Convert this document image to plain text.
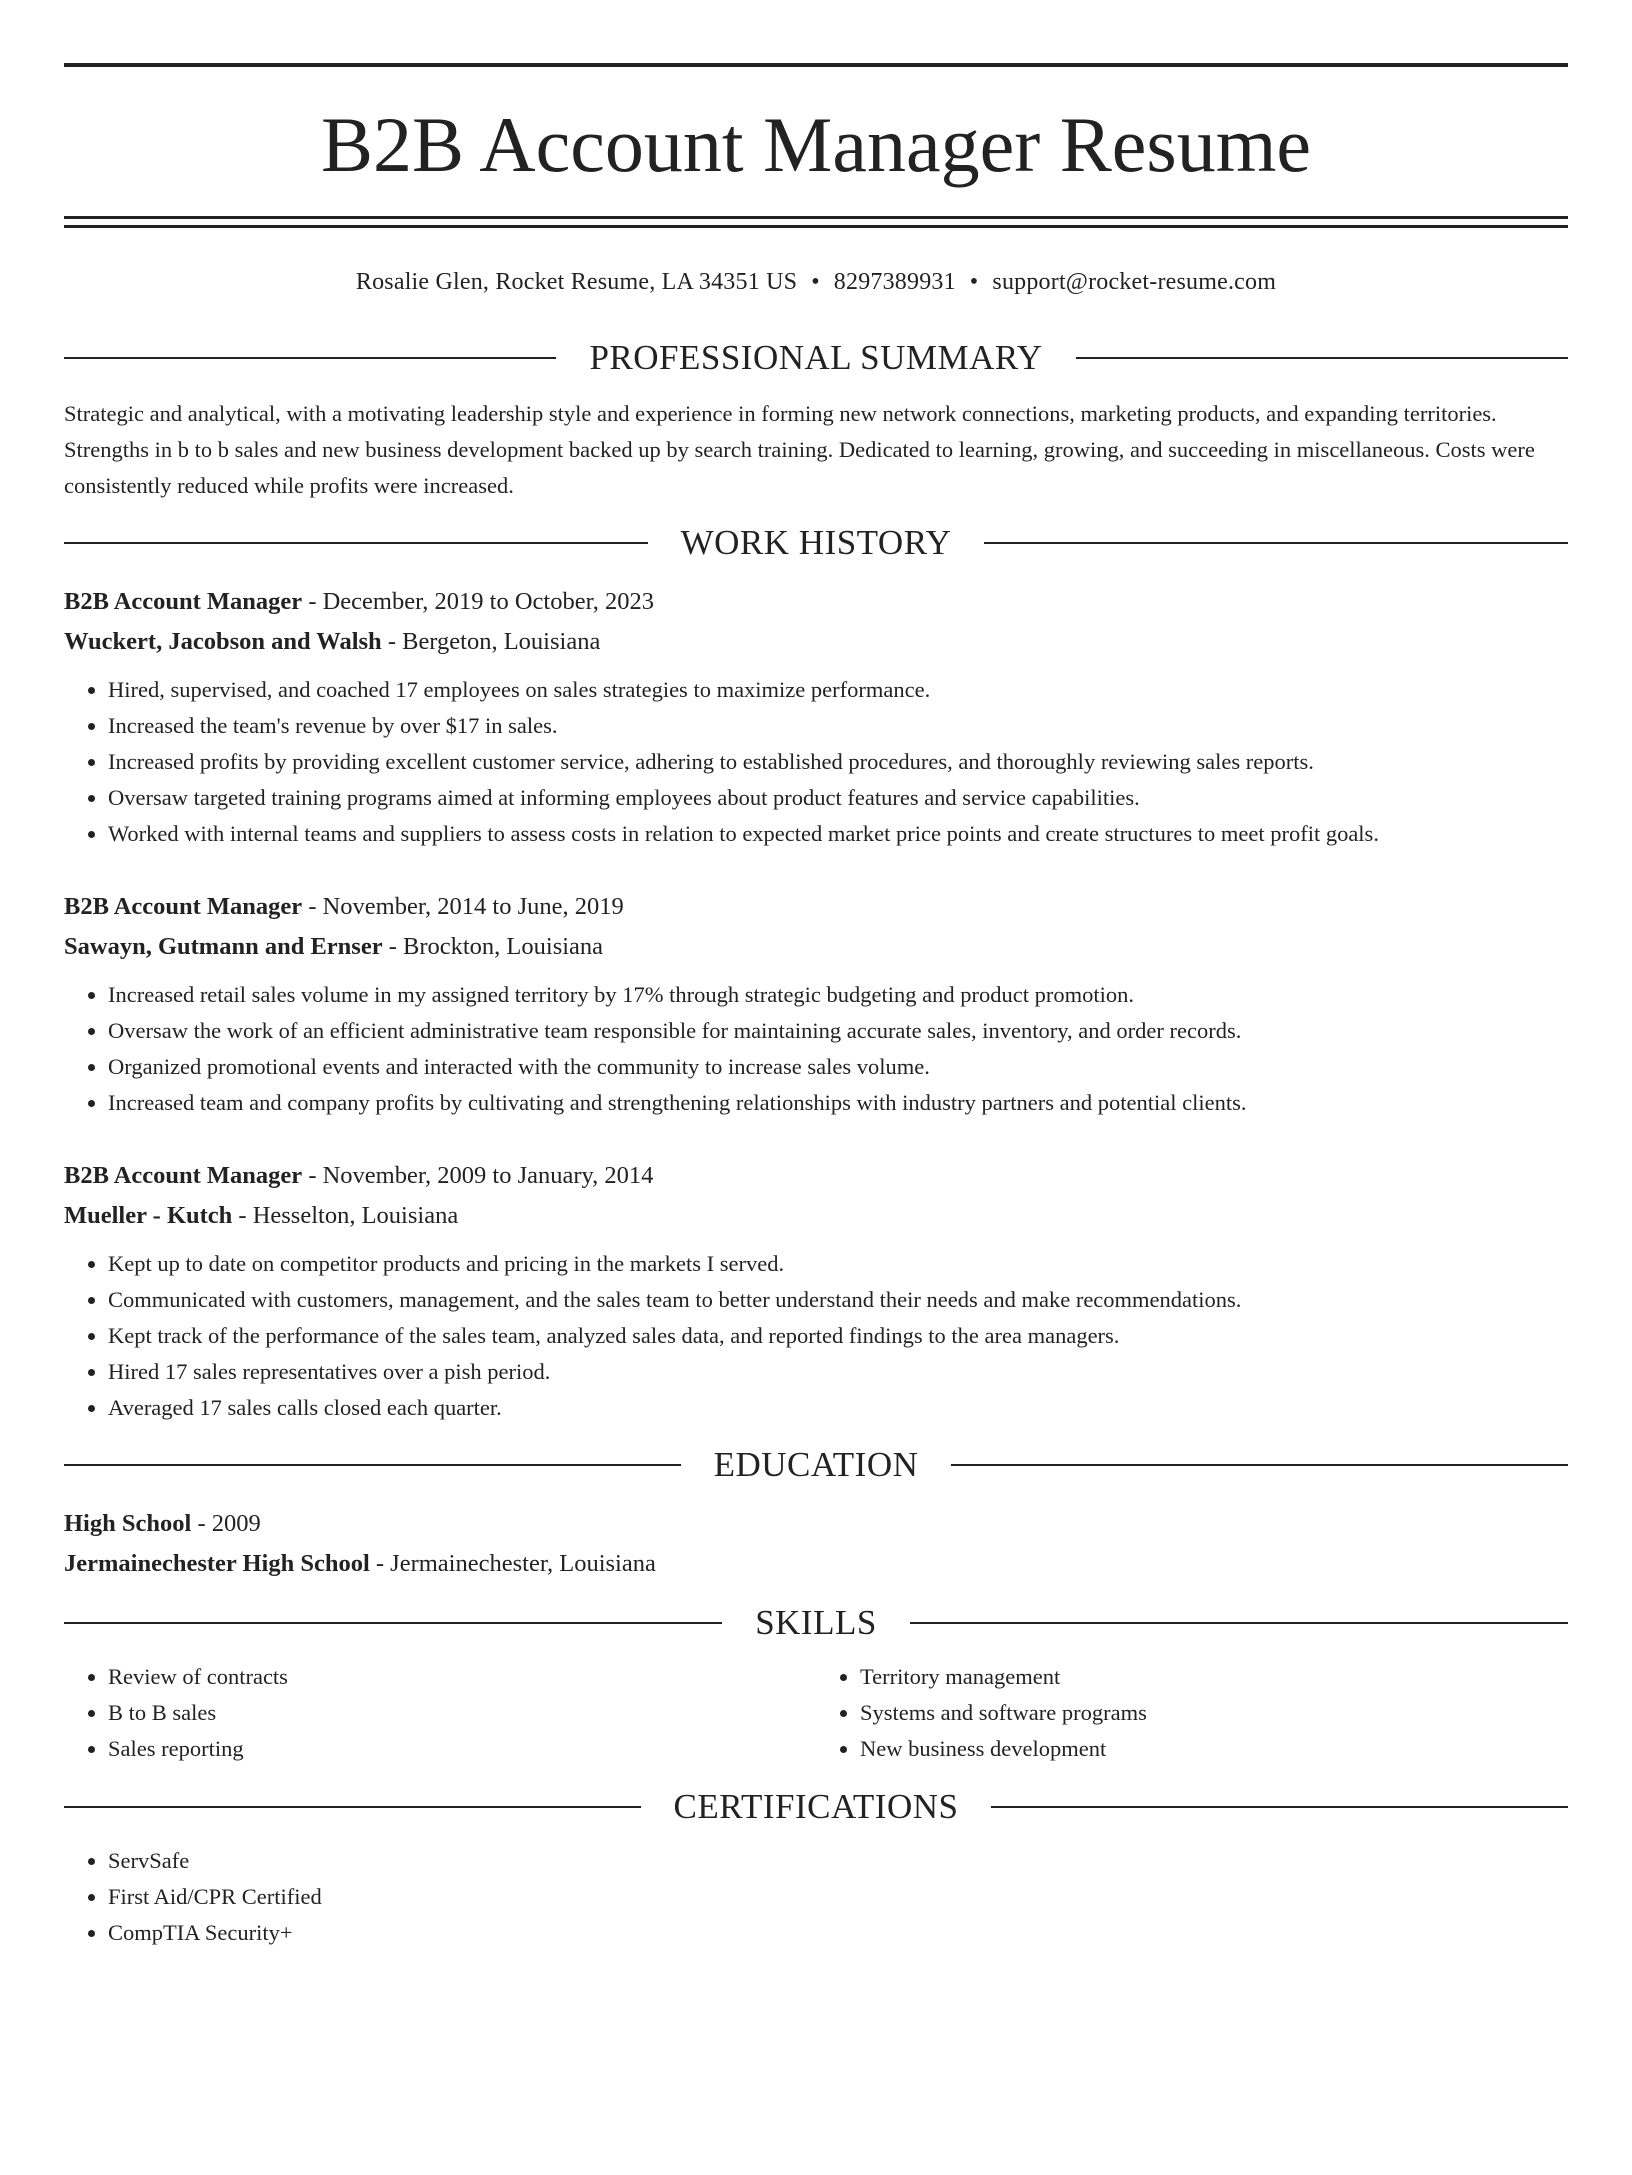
B2B Account Manager Resume
Rosalie Glen, Rocket Resume, LA 34351 US • 8297389931 • support@rocket-resume.com
PROFESSIONAL SUMMARY

Strategic and analytical, with a motivating leadership style and experience in forming new network connections, marketing products, and expanding territories. Strengths in b to b sales and new business development backed up by search training. Dedicated to learning, growing, and succeeding in miscellaneous. Costs were consistently reduced while profits were increased.

WORK HISTORY
B2B Account Manager - December, 2019 to October, 2023
Wuckert, Jacobson and Walsh - Bergeton, Louisiana
• Hired, supervised, and coached 17 employees on sales strategies to maximize performance.
• Increased the team's revenue by over $17 in sales.
• Increased profits by providing excellent customer service, adhering to established procedures, and thoroughly reviewing sales reports.
• Oversaw targeted training programs aimed at informing employees about product features and service capabilities.
• Worked with internal teams and suppliers to assess costs in relation to expected market price points and create structures to meet profit goals.
B2B Account Manager - November, 2014 to June, 2019
Sawayn, Gutmann and Ernser - Brockton, Louisiana
• Increased retail sales volume in my assigned territory by 17% through strategic budgeting and product promotion.
• Oversaw the work of an efficient administrative team responsible for maintaining accurate sales, inventory, and order records.
• Organized promotional events and interacted with the community to increase sales volume.
• Increased team and company profits by cultivating and strengthening relationships with industry partners and potential clients.
B2B Account Manager - November, 2009 to January, 2014
Mueller - Kutch - Hesselton, Louisiana
• Kept up to date on competitor products and pricing in the markets I served.
• Communicated with customers, management, and the sales team to better understand their needs and make recommendations.
• Kept track of the performance of the sales team, analyzed sales data, and reported findings to the area managers.
• Hired 17 sales representatives over a pish period.
• Averaged 17 sales calls closed each quarter.
EDUCATION
High School - 2009
Jermainechester High School - Jermainechester, Louisiana
SKILLS
• Review of contracts
• B to B sales
• Sales reporting
• Territory management
• Systems and software programs
• New business development
CERTIFICATIONS
• ServSafe
• First Aid/CPR Certified
• CompTIA Security+
